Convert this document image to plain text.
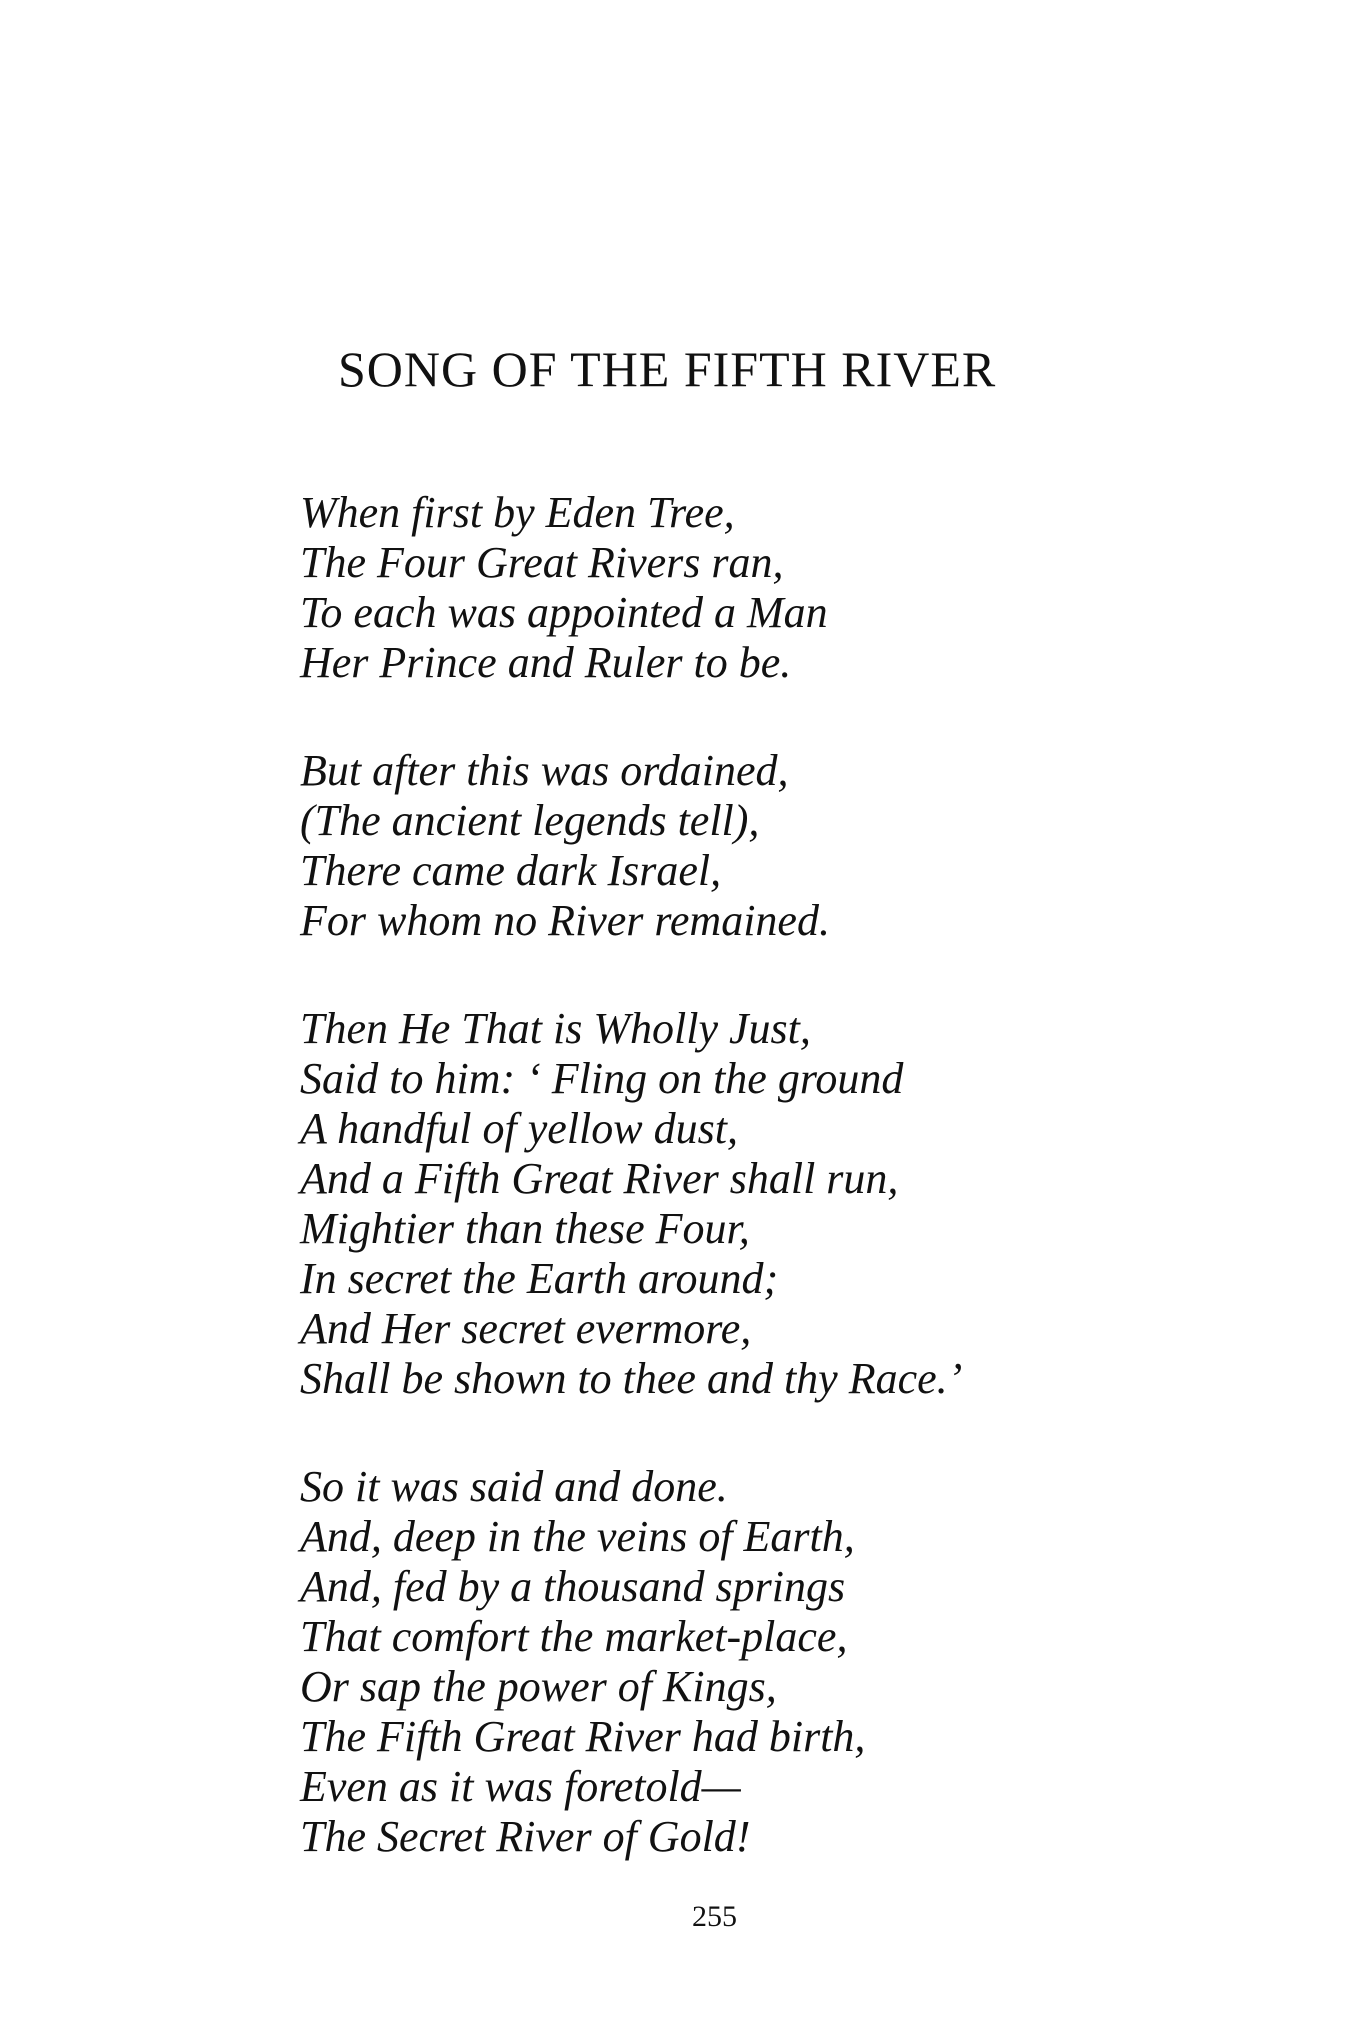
SONG OF THE FIFTH RIVER
When first by Eden Tree,
The Four Great Rivers ran,
To each was appointed a Man
Her Prince and Ruler to be.
But after this was ordained,
(The ancient legends tell),
There came dark Israel,
For whom no River remained.
Then He That is Wholly Just,
Said to him: ‘ Fling on the ground
A handful of yellow dust,
And a Fifth Great River shall run,
Mightier than these Four,
In secret the Earth around;
And Her secret evermore,
Shall be shown to thee and thy Race.’
So it was said and done.
And, deep in the veins of Earth,
And, fed by a thousand springs
That comfort the market-place,
Or sap the power of Kings,
The Fifth Great River had birth,
Even as it was foretold—
The Secret River of Gold!
255
